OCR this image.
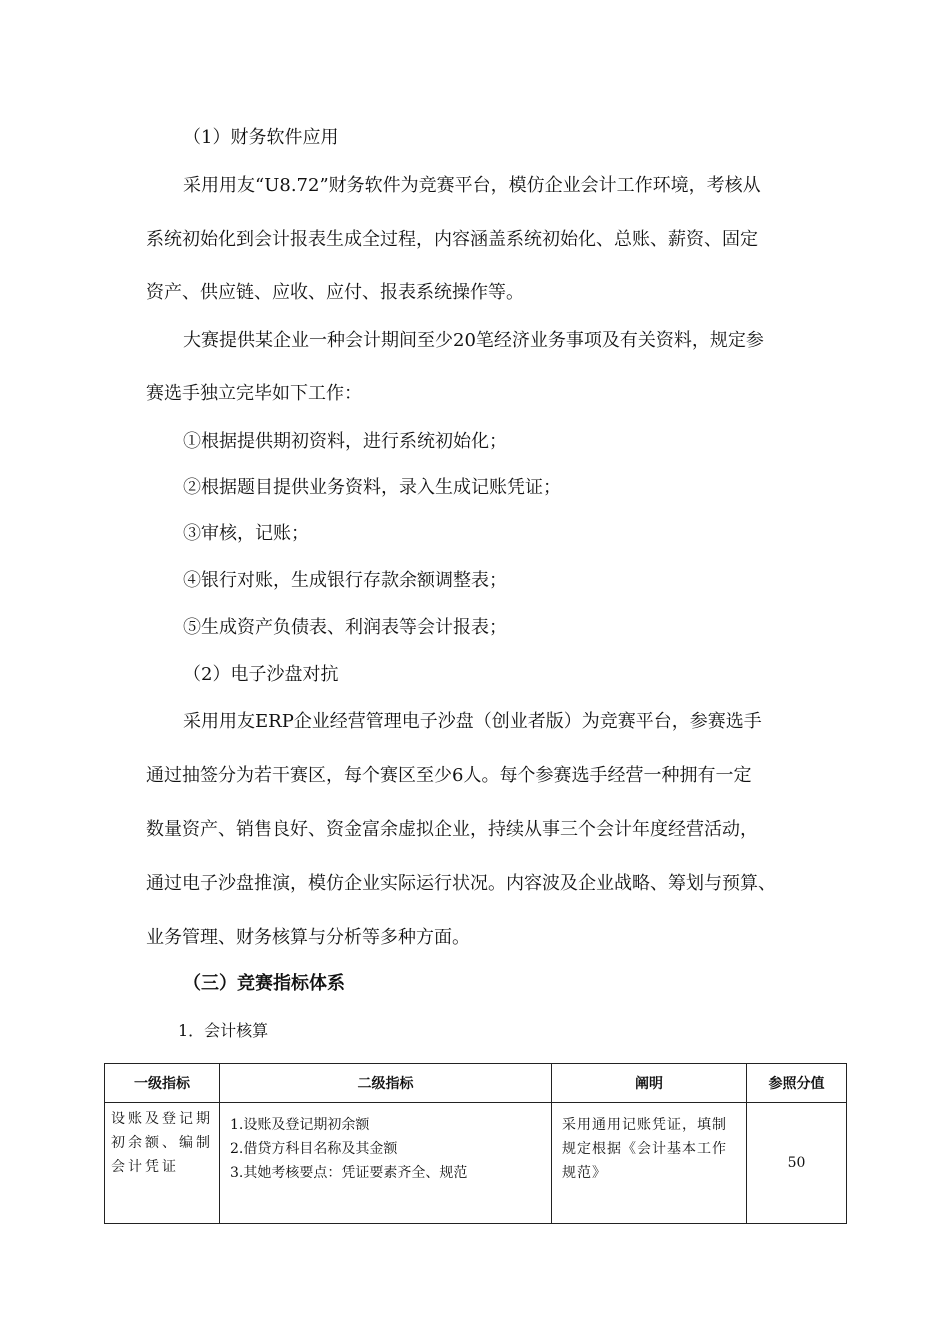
（1）财务软件应用
采用用友“U8.72”财务软件为竞赛平台，模仿企业会计工作环境，考核从
系统初始化到会计报表生成全过程，内容涵盖系统初始化、总账、薪资、固定
资产、供应链、应收、应付、报表系统操作等。
大赛提供某企业一种会计期间至少20笔经济业务事项及有关资料，规定参
赛选手独立完毕如下工作：
①根据提供期初资料，进行系统初始化；
②根据题目提供业务资料，录入生成记账凭证；
③审核，记账；
④银行对账，生成银行存款余额调整表；
⑤生成资产负债表、利润表等会计报表；
（2）电子沙盘对抗
采用用友ERP企业经营管理电子沙盘（创业者版）为竞赛平台，参赛选手
通过抽签分为若干赛区，每个赛区至少6人。每个参赛选手经营一种拥有一定
数量资产、销售良好、资金富余虚拟企业，持续从事三个会计年度经营活动，
通过电子沙盘推演，模仿企业实际运行状况。内容波及企业战略、筹划与预算、
业务管理、财务核算与分析等多种方面。
（三）竞赛指标体系
1．会计核算
一级指标	二级指标	阐明	参照分值
设账及登记期初余额、编制会计凭证	1.设账及登记期初余额
2.借贷方科目名称及其金额
3.其她考核要点：凭证要素齐全、规范	采用通用记账凭证，填制规定根据《会计基本工作规范》	50
